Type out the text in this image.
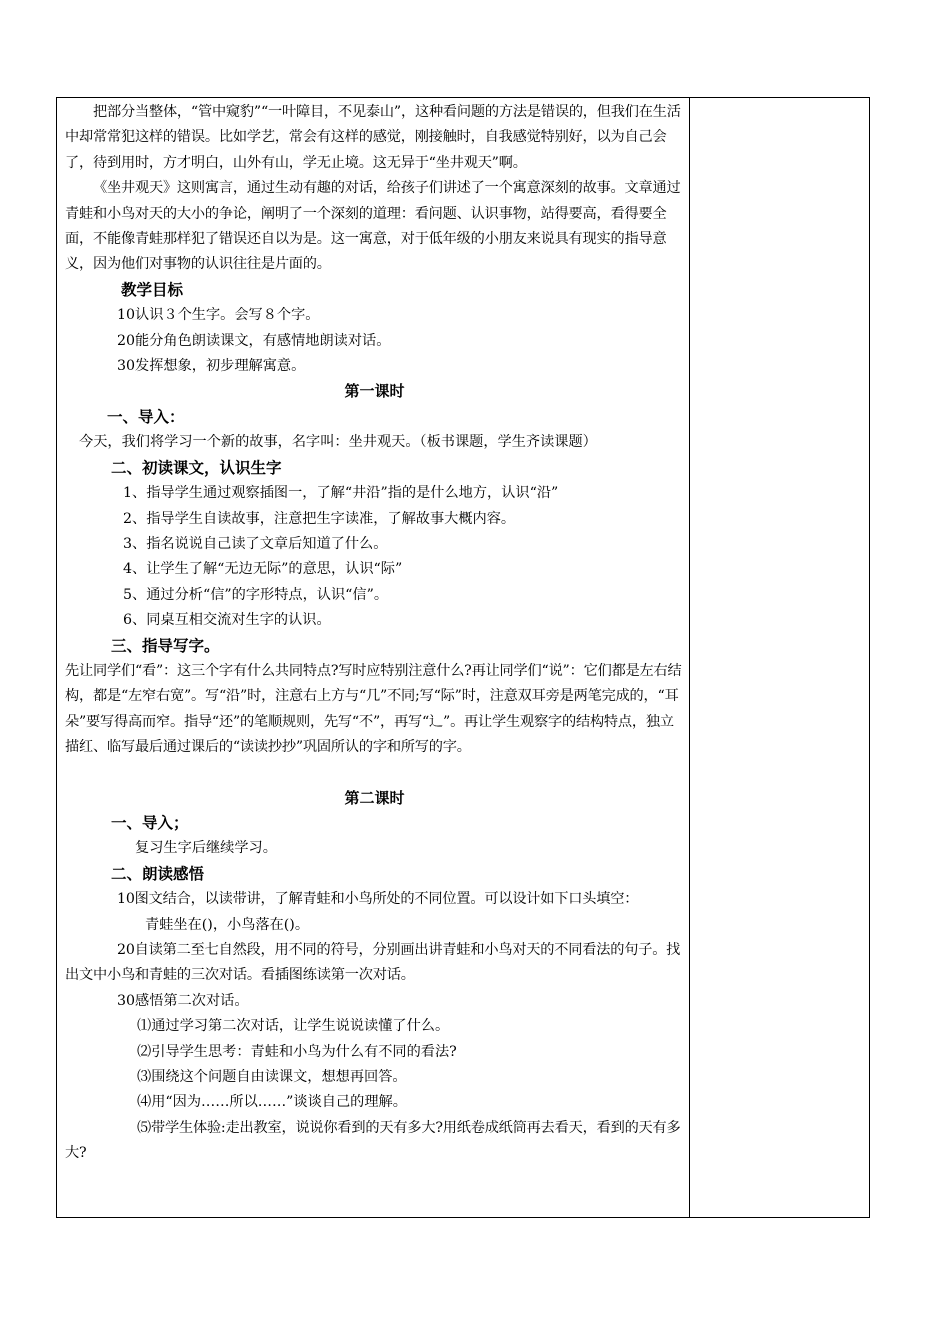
把部分当整体，“管中窥豹”“一叶障目，不见泰山”，这种看问题的方法是错误的，但我们在生活中却常常犯这样的错误。比如学艺，常会有这样的感觉，刚接触时，自我感觉特别好，以为自己会了，待到用时，方才明白，山外有山，学无止境。这无异于“坐井观天”啊。

《坐井观天》这则寓言，通过生动有趣的对话，给孩子们讲述了一个寓意深刻的故事。文章通过青蛙和小鸟对天的大小的争论，阐明了一个深刻的道理：看问题、认识事物，站得要高，看得要全面，不能像青蛙那样犯了错误还自以为是。这一寓意，对于低年级的小朋友来说具有现实的指导意义，因为他们对事物的认识往往是片面的。

教学目标

10认识３个生字。会写８个字。

20能分角色朗读课文，有感情地朗读对话。

30发挥想象，初步理解寓意。

第一课时

一、导入：

今天，我们将学习一个新的故事，名字叫：坐井观天。（板书课题，学生齐读课题）

二、初读课文，认识生字

1、指导学生通过观察插图一，了解“井沿”指的是什么地方，认识“沿”

2、指导学生自读故事，注意把生字读准，了解故事大概内容。

3、指名说说自己读了文章后知道了什么。

4、让学生了解“无边无际”的意思，认识“际”

5、通过分析“信”的字形特点，认识“信”。

6、同桌互相交流对生字的认识。

三、指导写字。

先让同学们“看”：这三个字有什么共同特点?写时应特别注意什么?再让同学们“说”：它们都是左右结构，都是“左窄右宽”。写“沿”时，注意右上方与“几”不同;写“际”时，注意双耳旁是两笔完成的，“耳朵”要写得高而窄。指导“还”的笔顺规则，先写“不”，再写“辶”。再让学生观察字的结构特点，独立描红、临写最后通过课后的“读读抄抄”巩固所认的字和所写的字。

第二课时

一、导入；

复习生字后继续学习。

二、朗读感悟

10图文结合，以读带讲，了解青蛙和小鸟所处的不同位置。可以设计如下口头填空：

青蛙坐在()，小鸟落在()。

20自读第二至七自然段，用不同的符号，分别画出讲青蛙和小鸟对天的不同看法的句子。找出文中小鸟和青蛙的三次对话。看插图练读第一次对话。

30感悟第二次对话。

⑴通过学习第二次对话，让学生说说读懂了什么。

⑵引导学生思考：青蛙和小鸟为什么有不同的看法?

⑶围绕这个问题自由读课文，想想再回答。

⑷用“因为……所以……”谈谈自己的理解。

⑸带学生体验:走出教室，说说你看到的天有多大?用纸卷成纸筒再去看天，看到的天有多大?
